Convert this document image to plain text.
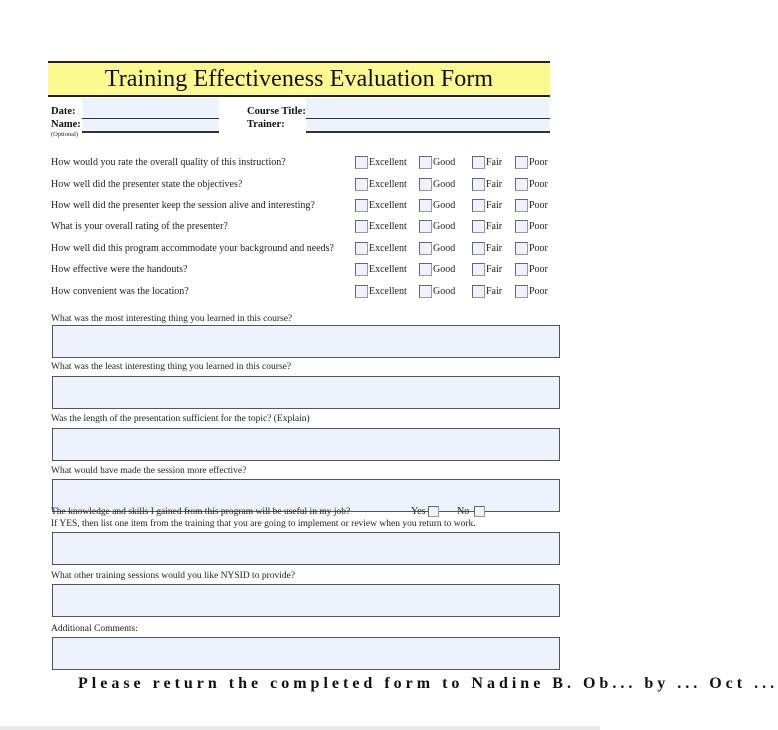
Training Effectiveness Evaluation Form
Date:
Name:
(Optional)
Course Title:
Trainer:
How would you rate the overall quality of this instruction?	Excellent	Good	Fair	Poor
How well did the presenter state the objectives?	Excellent	Good	Fair	Poor
How well did the presenter keep the session alive and interesting?	Excellent	Good	Fair	Poor
What is your overall rating of the presenter?	Excellent	Good	Fair	Poor
How well did this program accommodate your background and needs?	Excellent	Good	Fair	Poor
How effective were the handouts?	Excellent	Good	Fair	Poor
How convenient was the location?	Excellent	Good	Fair	Poor
What was the most interesting thing you learned in this course?
What was the least interesting thing you learned in this course?
Was the length of the presentation sufficient for the topic? (Explain)
What would have made the session more effective?
The knowledge and skills I gained from this program will be useful in my job?	Yes	No
If YES, then list one item from the training that you are going to implement or review when you return to work.
What other training sessions would you like NYSID to provide?
Additional Comments:
Please return the completed form to Nadine B. Ob... by ... Oct ...
